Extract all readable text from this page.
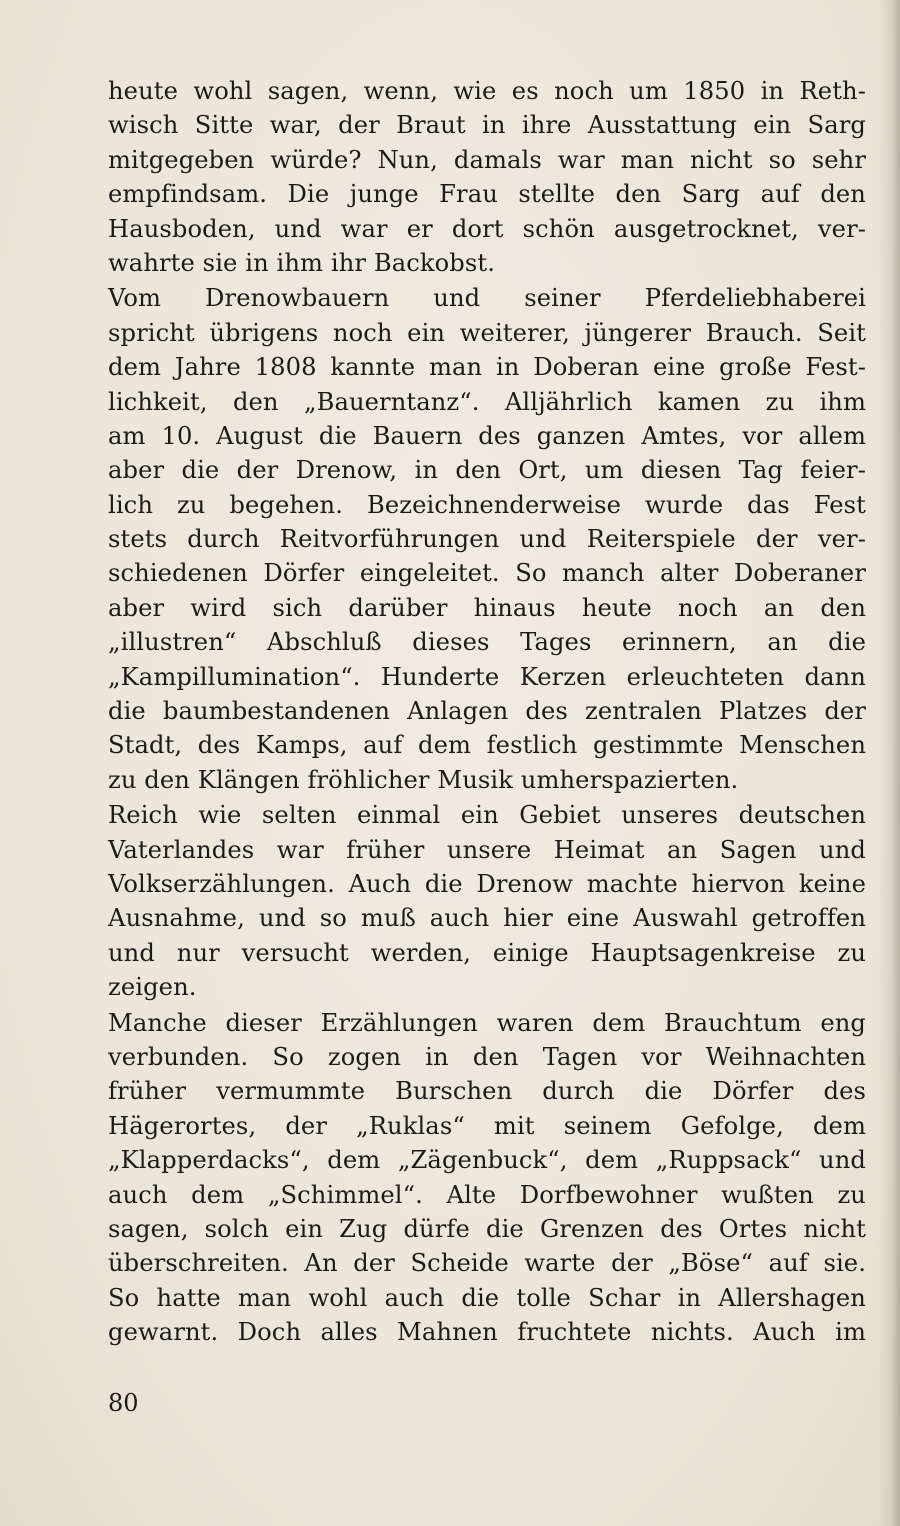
heute wohl sagen, wenn, wie es noch um 1850 in Reth-
wisch Sitte war, der Braut in ihre Ausstattung ein Sarg
mitgegeben würde? Nun, damals war man nicht so sehr
empfindsam. Die junge Frau stellte den Sarg auf den
Hausboden, und war er dort schön ausgetrocknet, ver-
wahrte sie in ihm ihr Backobst.
Vom Drenowbauern und seiner Pferdeliebhaberei
spricht übrigens noch ein weiterer, jüngerer Brauch. Seit
dem Jahre 1808 kannte man in Doberan eine große Fest-
lichkeit, den „Bauerntanz“. Alljährlich kamen zu ihm
am 10. August die Bauern des ganzen Amtes, vor allem
aber die der Drenow, in den Ort, um diesen Tag feier-
lich zu begehen. Bezeichnenderweise wurde das Fest
stets durch Reitvorführungen und Reiterspiele der ver-
schiedenen Dörfer eingeleitet. So manch alter Doberaner
aber wird sich darüber hinaus heute noch an den
„illustren“ Abschluß dieses Tages erinnern, an die
„Kampillumination“. Hunderte Kerzen erleuchteten dann
die baumbestandenen Anlagen des zentralen Platzes der
Stadt, des Kamps, auf dem festlich gestimmte Menschen
zu den Klängen fröhlicher Musik umherspazierten.
Reich wie selten einmal ein Gebiet unseres deutschen
Vaterlandes war früher unsere Heimat an Sagen und
Volkserzählungen. Auch die Drenow machte hiervon keine
Ausnahme, und so muß auch hier eine Auswahl getroffen
und nur versucht werden, einige Hauptsagenkreise zu
zeigen.
Manche dieser Erzählungen waren dem Brauchtum eng
verbunden. So zogen in den Tagen vor Weihnachten
früher vermummte Burschen durch die Dörfer des
Hägerortes, der „Ruklas“ mit seinem Gefolge, dem
„Klapperdacks“, dem „Zägenbuck“, dem „Ruppsack“ und
auch dem „Schimmel“. Alte Dorfbewohner wußten zu
sagen, solch ein Zug dürfe die Grenzen des Ortes nicht
überschreiten. An der Scheide warte der „Böse“ auf sie.
So hatte man wohl auch die tolle Schar in Allershagen
gewarnt. Doch alles Mahnen fruchtete nichts. Auch im
80
